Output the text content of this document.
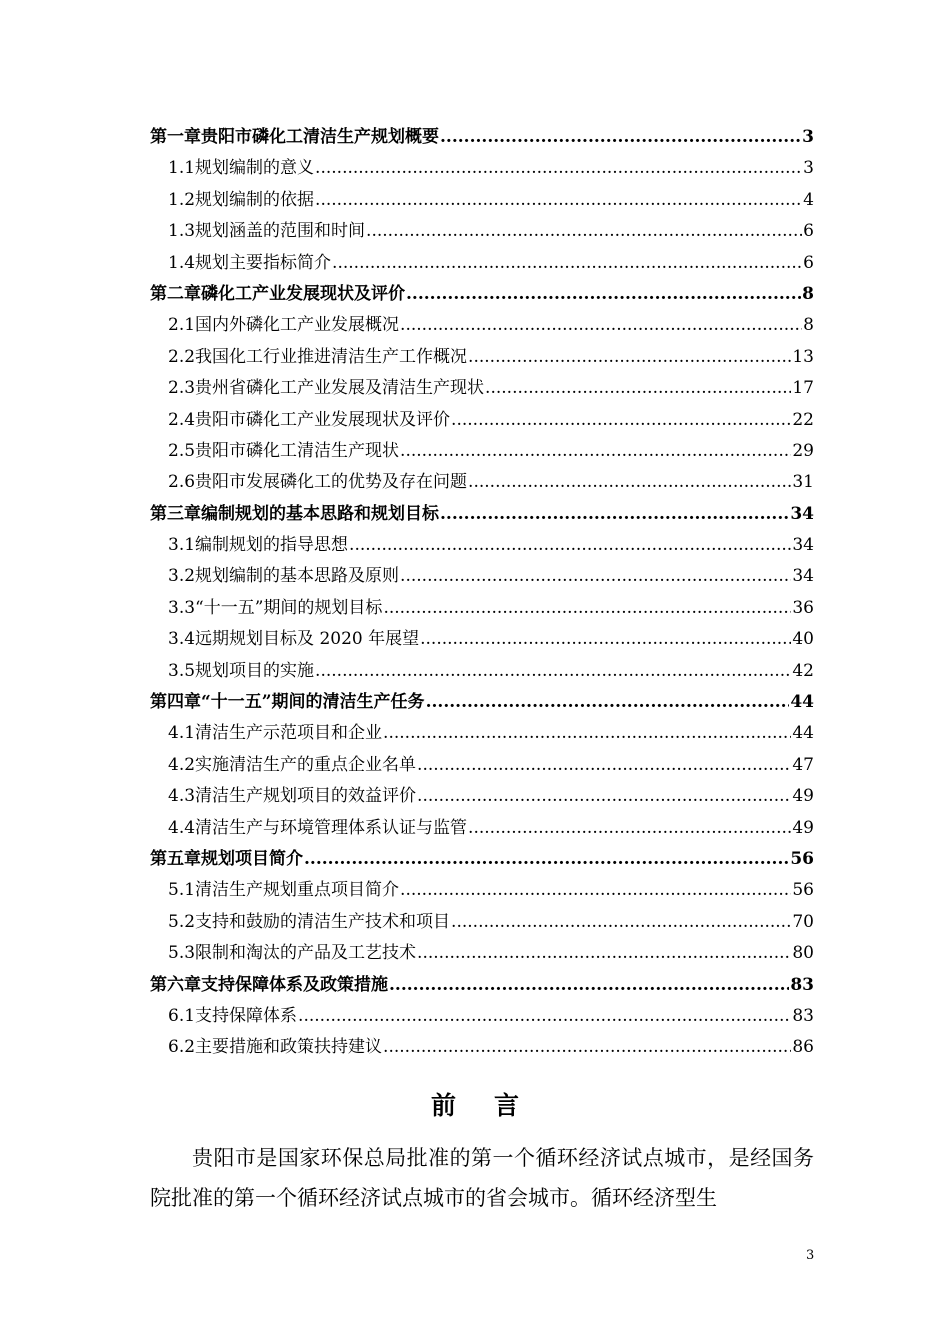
第一章 贵阳市磷化工清洁生产规划概要 .....	3
1.1 规划编制的意义 .....	3
1.2 规划编制的依据 .....	4
1.3 规划涵盖的范围和时间 .....	6
1.4 规划主要指标简介 .....	6
第二章 磷化工产业发展现状及评价 .....	8
2.1 国内外磷化工产业发展概况 .....	8
2.2 我国化工行业推进清洁生产工作概况 .....	13
2.3 贵州省磷化工产业发展及清洁生产现状 .....	17
2.4 贵阳市磷化工产业发展现状及评价 .....	22
2.5 贵阳市磷化工清洁生产现状 .....	29
2.6 贵阳市发展磷化工的优势及存在问题 .....	31
第三章 编制规划的基本思路和规划目标 .....	34
3.1 编制规划的指导思想 .....	34
3.2 规划编制的基本思路及原则 .....	34
3.3 “十一五”期间的规划目标 .....	36
3.4 远期规划目标及 2020 年展望 .....	40
3.5 规划项目的实施 .....	42
第四章 “十一五”期间的清洁生产任务 .....	44
4.1 清洁生产示范项目和企业 .....	44
4.2 实施清洁生产的重点企业名单 .....	47
4.3 清洁生产规划项目的效益评价 .....	49
4.4 清洁生产与环境管理体系认证与监管 .....	49
第五章 规划项目简介 .....	56
5.1 清洁生产规划重点项目简介 .....	56
5.2 支持和鼓励的清洁生产技术和项目 .....	70
5.3 限制和淘汰的产品及工艺技术 .....	80
第六章 支持保障体系及政策措施 .....	83
6.1 支持保障体系 .....	83
6.2 主要措施和政策扶持建议 .....	86
前言
贵阳市是国家环保总局批准的第一个循环经济试点城市，是经国务院批准的第一个循环经济试点城市的省会城市。循环经济型生
3
